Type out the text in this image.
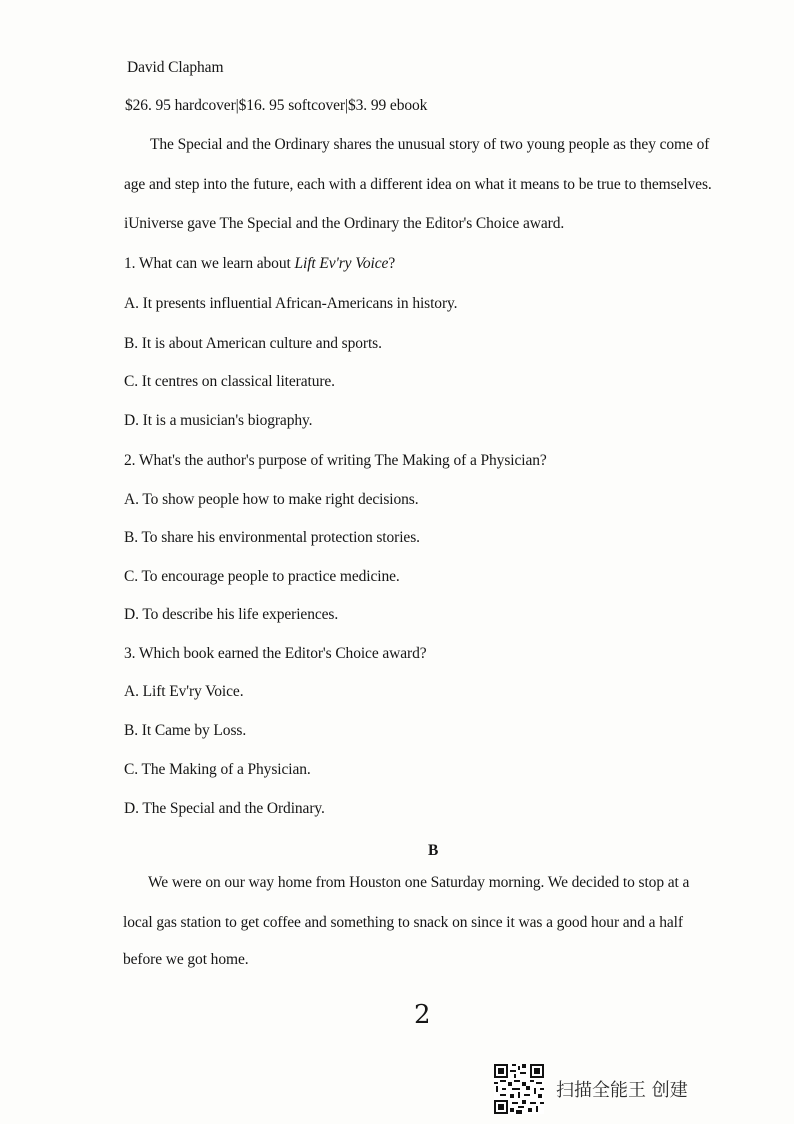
David Clapham
$26. 95 hardcover|$16. 95 softcover|$3. 99 ebook
The Special and the Ordinary shares the unusual story of two young people as they come of
age and step into the future, each with a different idea on what it means to be true to themselves.
iUniverse gave The Special and the Ordinary the Editor's Choice award.
1. What can we learn about Lift Ev'ry Voice?
A. It presents influential African-Americans in history.
B. It is about American culture and sports.
C. It centres on classical literature.
D. It is a musician's biography.
2. What's the author's purpose of writing The Making of a Physician?
A. To show people how to make right decisions.
B. To share his environmental protection stories.
C. To encourage people to practice medicine.
D. To describe his life experiences.
3. Which book earned the Editor's Choice award?
A. Lift Ev'ry Voice.
B. It Came by Loss.
C. The Making of a Physician.
D. The Special and the Ordinary.
B
We were on our way home from Houston one Saturday morning. We decided to stop at a
local gas station to get coffee and something to snack on since it was a good hour and a half
before we got home.
2
扫描全能王 创建
